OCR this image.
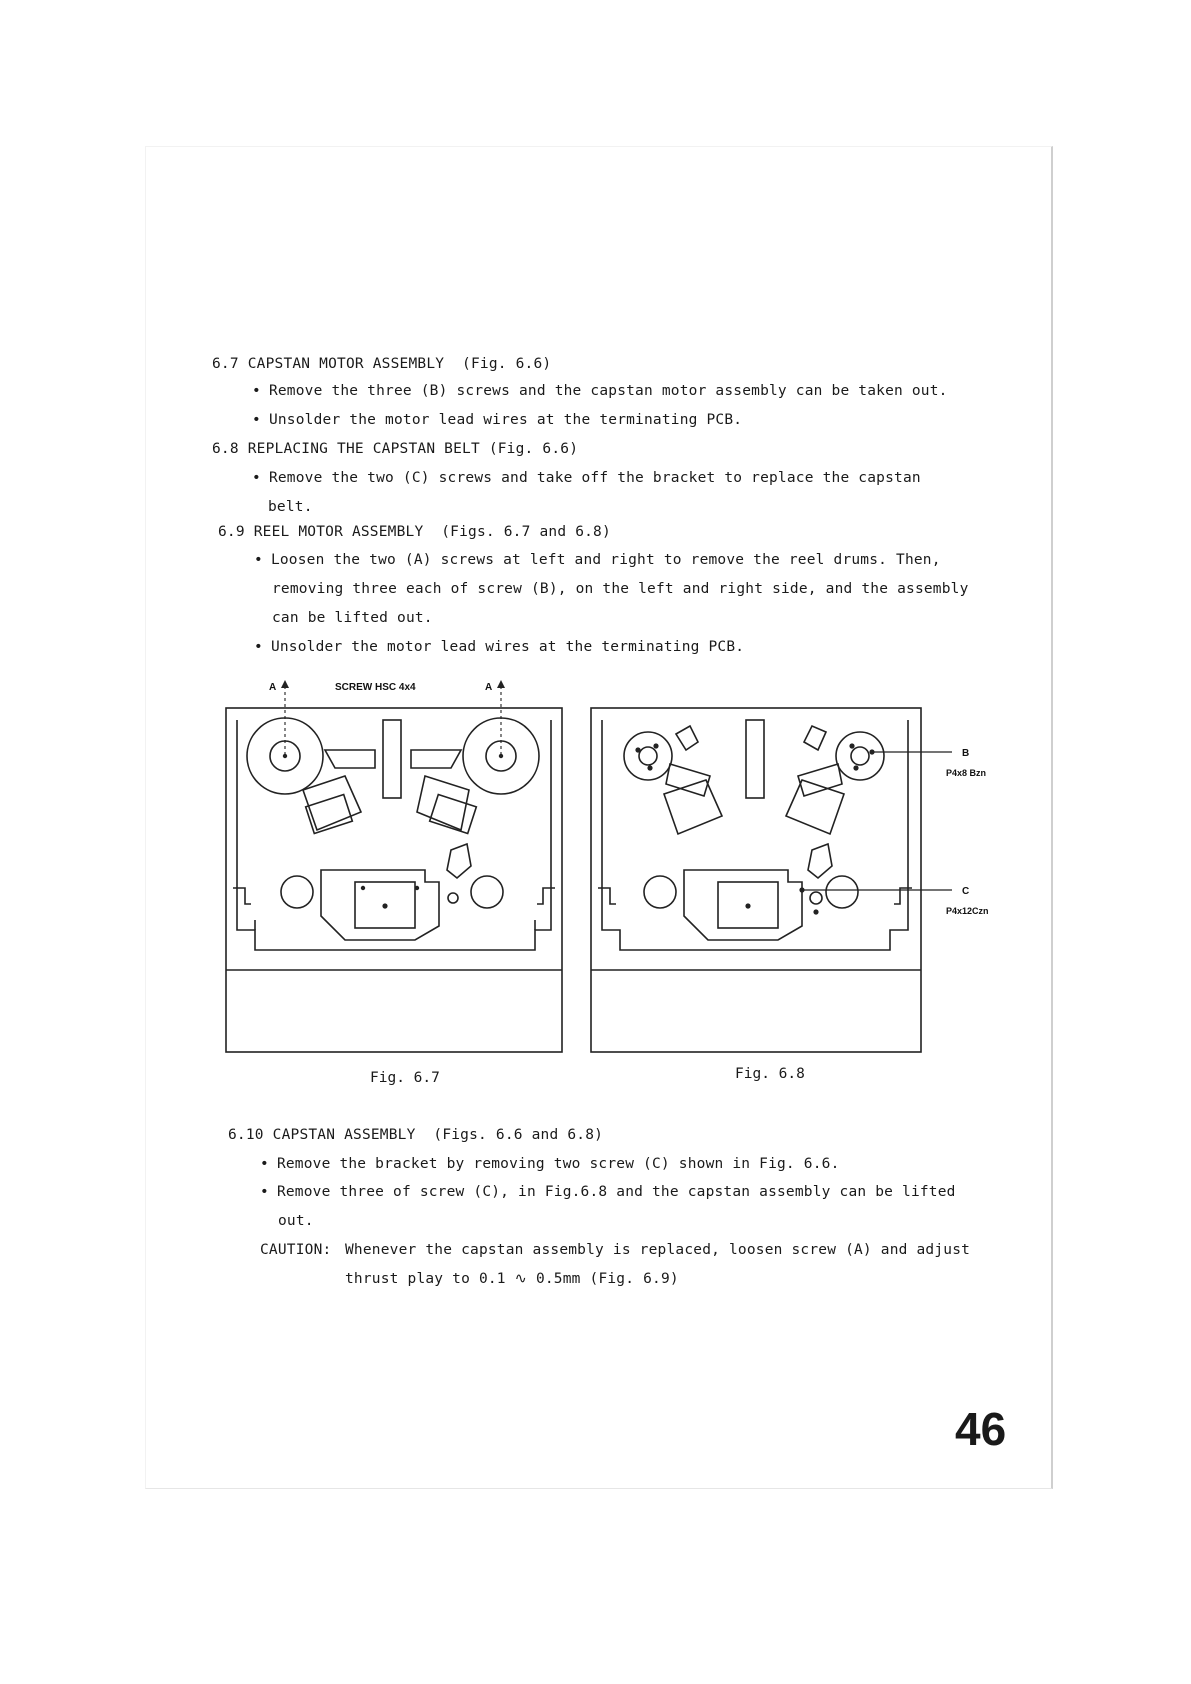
6.7 CAPSTAN MOTOR ASSEMBLY  (Fig. 6.6)
• Remove the three (B) screws and the capstan motor assembly can be taken out.
• Unsolder the motor lead wires at the terminating PCB.
6.8 REPLACING THE CAPSTAN BELT (Fig. 6.6)
• Remove the two (C) screws and take off the bracket to replace the capstan
belt.
6.9 REEL MOTOR ASSEMBLY  (Figs. 6.7 and 6.8)
• Loosen the two (A) screws at left and right to remove the reel drums. Then,
removing three each of screw (B), on the left and right side, and the assembly
can be lifted out.
• Unsolder the motor lead wires at the terminating PCB.
A	A
SCREW HSC 4x4
B
P4x8 Bzn
C
P4x12Czn
Fig. 6.7	Fig. 6.8
6.10 CAPSTAN ASSEMBLY  (Figs. 6.6 and 6.8)
• Remove the bracket by removing two screw (C) shown in Fig. 6.6.
• Remove three of screw (C), in Fig.6.8 and the capstan assembly can be lifted
out.
CAUTION: Whenever the capstan assembly is replaced, loosen screw (A) and adjust
thrust play to 0.1 ∿ 0.5mm (Fig. 6.9)
46
